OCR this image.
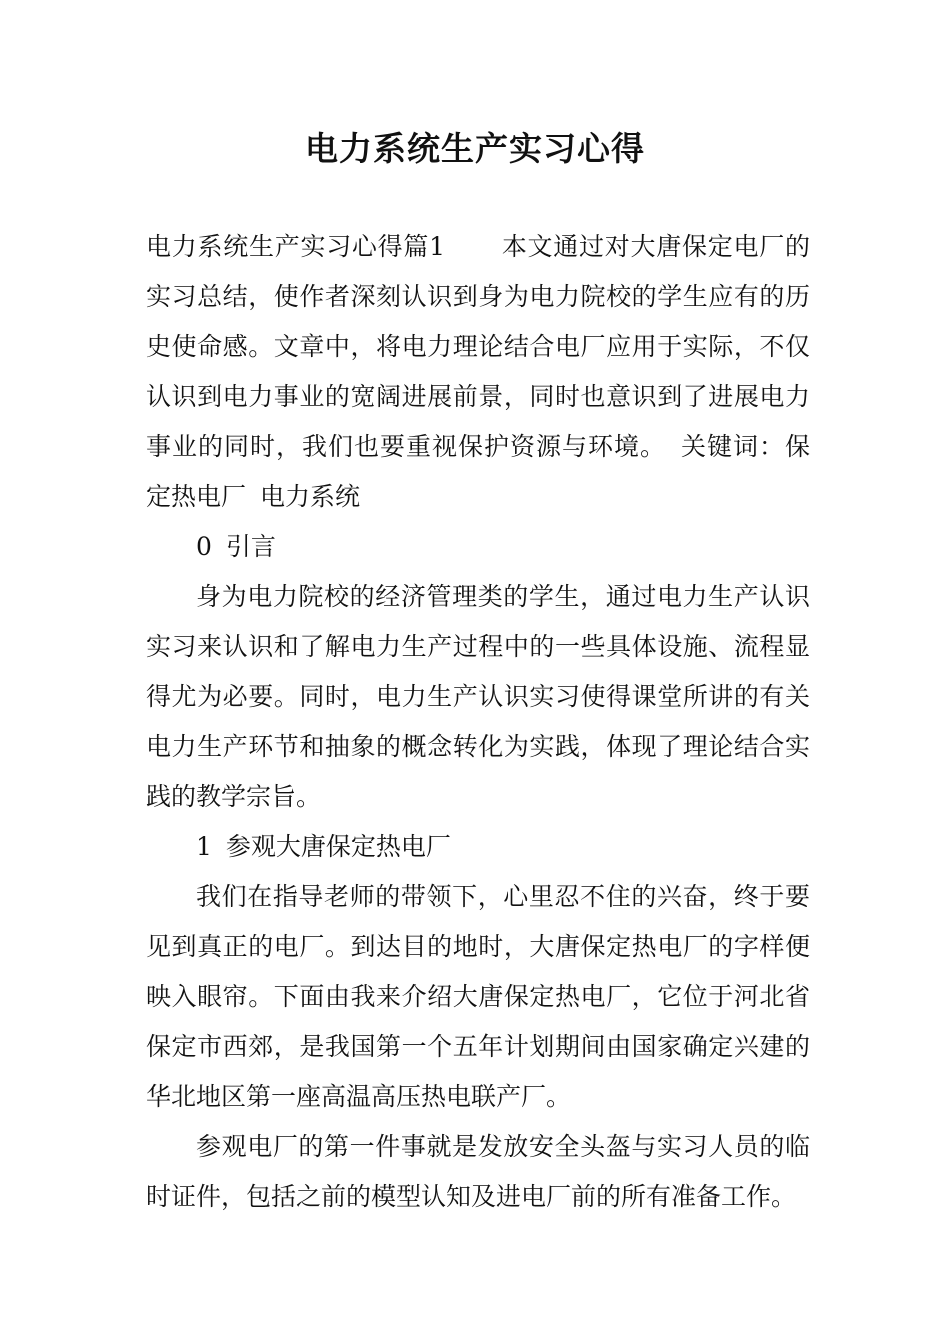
电力系统生产实习心得

电力系统生产实习心得篇1 本文通过对大唐保定电厂的实习总结，使作者深刻认识到身为电力院校的学生应有的历史使命感。文章中，将电力理论结合电厂应用于实际，不仅认识到电力事业的宽阔进展前景，同时也意识到了进展电力事业的同时，我们也要重视保护资源与环境。 关键词：保定热电厂 电力系统

0 引言

身为电力院校的经济管理类的学生，通过电力生产认识实习来认识和了解电力生产过程中的一些具体设施、流程显得尤为必要。同时，电力生产认识实习使得课堂所讲的有关电力生产环节和抽象的概念转化为实践，体现了理论结合实践的教学宗旨。

1 参观大唐保定热电厂

我们在指导老师的带领下，心里忍不住的兴奋，终于要见到真正的电厂。到达目的地时，大唐保定热电厂的字样便映入眼帘。下面由我来介绍大唐保定热电厂，它位于河北省保定市西郊，是我国第一个五年计划期间由国家确定兴建的华北地区第一座高温高压热电联产厂。

参观电厂的第一件事就是发放安全头盔与实习人员的临时证件，包括之前的模型认知及进电厂前的所有准备工作。
